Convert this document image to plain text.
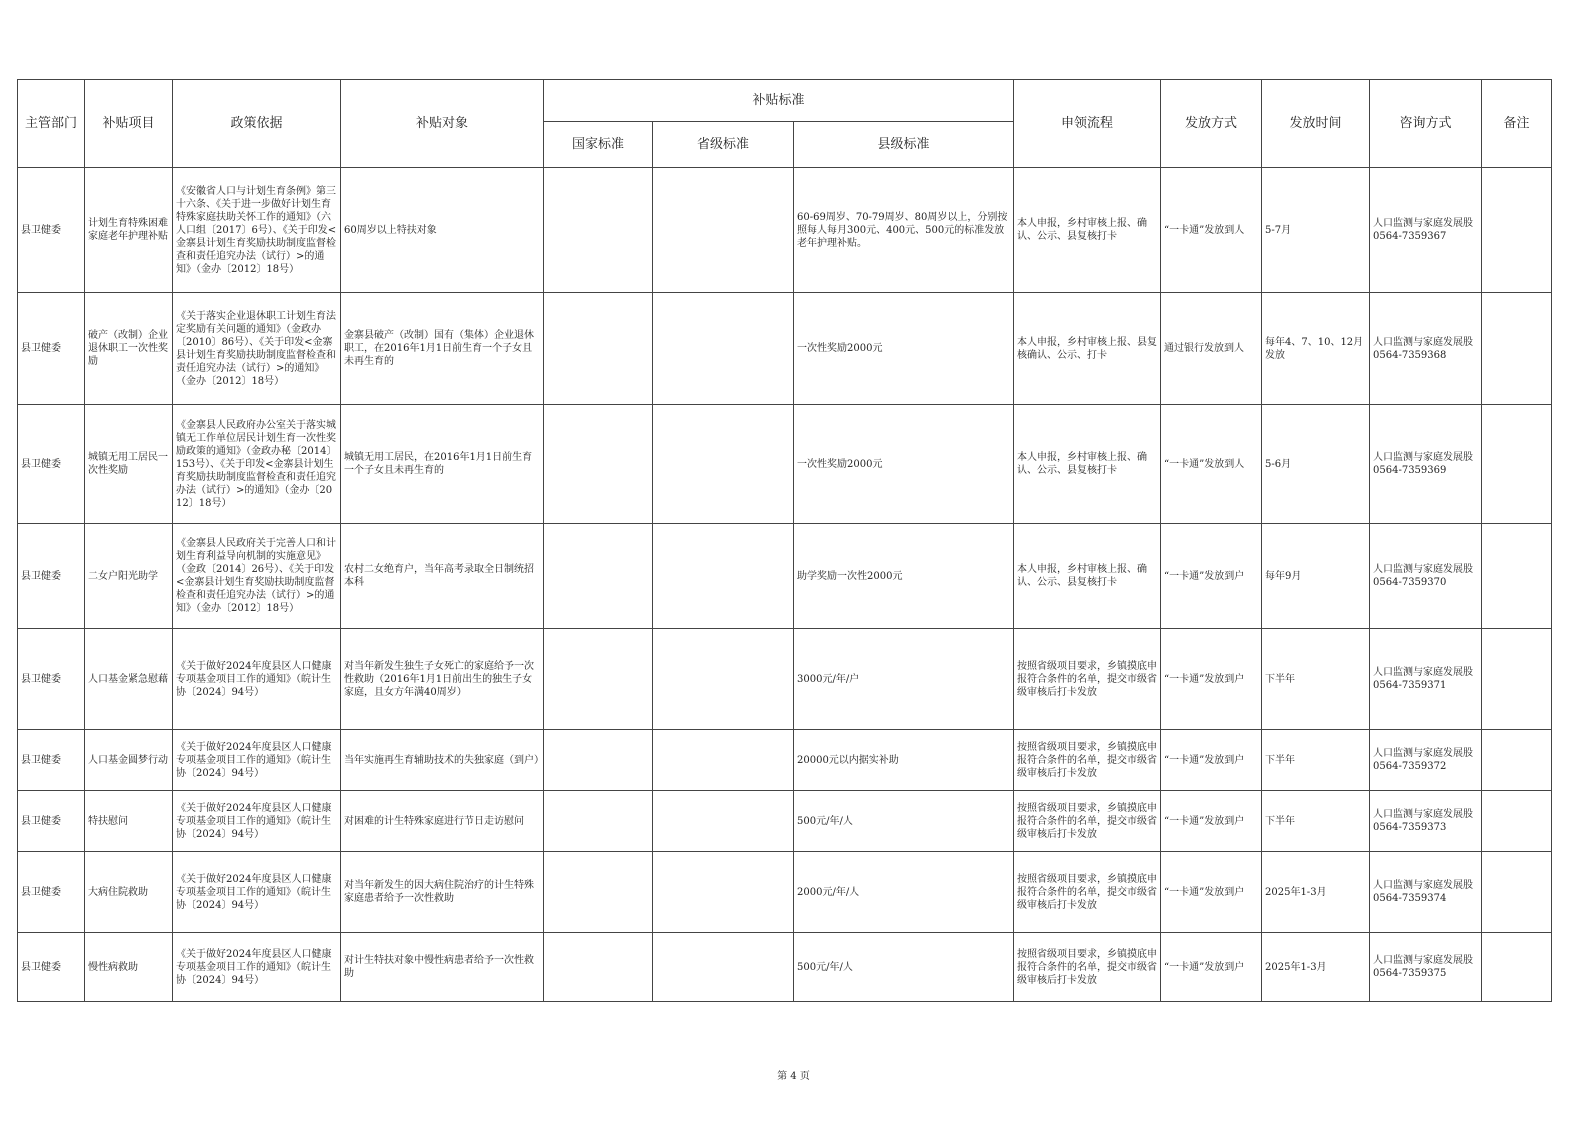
主管部门	补贴项目	政策依据	补贴对象	补贴标准			申领流程	发放方式	发放时间	咨询方式	备注
				国家标准	省级标准	县级标准					
县卫健委	计划生育特殊困难家庭老年护理补贴	《安徽省人口与计划生育条例》第三十六条、《关于进一步做好计划生育特殊家庭扶助关怀工作的通知》（六人口组〔2017〕6号）、《关于印发<金寨县计划生育奖励扶助制度监督检查和责任追究办法（试行）>的通知》（金办〔2012〕18号）	60周岁以上特扶对象			60-69周岁、70-79周岁、80周岁以上，分别按照每人每月300元、400元、500元的标准发放老年护理补贴。	本人申报，乡村审核上报、确认、公示、县复核打卡	“一卡通”发放到人	5-7月	人口监测与家庭发展股
0564-7359367	
县卫健委	破产（改制）企业退休职工一次性奖励	《关于落实企业退休职工计划生育法定奖励有关问题的通知》（金政办〔2010〕86号）、《关于印发<金寨县计划生育奖励扶助制度监督检查和责任追究办法（试行）>的通知》（金办〔2012〕18号）	金寨县破产（改制）国有（集体）企业退休职工，在2016年1月1日前生育一个子女且未再生育的			一次性奖励2000元	本人申报，乡村审核上报、县复核确认、公示、打卡	通过银行发放到人	每年4、7、10、12月发放	人口监测与家庭发展股
0564-7359368	
县卫健委	城镇无用工居民一次性奖励	《金寨县人民政府办公室关于落实城镇无工作单位居民计划生育一次性奖励政策的通知》（金政办秘〔2014〕153号）、《关于印发<金寨县计划生育奖励扶助制度监督检查和责任追究办法（试行）>的通知》（金办〔2012〕18号）	城镇无用工居民，在2016年1月1日前生育一个子女且未再生育的			一次性奖励2000元	本人申报，乡村审核上报、确认、公示、县复核打卡	“一卡通”发放到人	5-6月	人口监测与家庭发展股
0564-7359369	
县卫健委	二女户阳光助学	《金寨县人民政府关于完善人口和计划生育利益导向机制的实施意见》（金政〔2014〕26号）、《关于印发<金寨县计划生育奖励扶助制度监督检查和责任追究办法（试行）>的通知》（金办〔2012〕18号）	农村二女绝育户，当年高考录取全日制统招本科			助学奖励一次性2000元	本人申报，乡村审核上报、确认、公示、县复核打卡	“一卡通”发放到户	每年9月	人口监测与家庭发展股
0564-7359370	
县卫健委	人口基金紧急慰藉	《关于做好2024年度县区人口健康专项基金项目工作的通知》（皖计生协〔2024〕94号）	对当年新发生独生子女死亡的家庭给予一次性救助（2016年1月1日前出生的独生子女家庭，且女方年满40周岁）			3000元/年/户	按照省级项目要求，乡镇摸底申报符合条件的名单，提交市级省级审核后打卡发放	“一卡通”发放到户	下半年	人口监测与家庭发展股
0564-7359371	
县卫健委	人口基金圆梦行动	《关于做好2024年度县区人口健康专项基金项目工作的通知》（皖计生协〔2024〕94号）	当年实施再生育辅助技术的失独家庭（到户）			20000元以内据实补助	按照省级项目要求，乡镇摸底申报符合条件的名单，提交市级省级审核后打卡发放	“一卡通”发放到户	下半年	人口监测与家庭发展股
0564-7359372	
县卫健委	特扶慰问	《关于做好2024年度县区人口健康专项基金项目工作的通知》（皖计生协〔2024〕94号）	对困难的计生特殊家庭进行节日走访慰问			500元/年/人	按照省级项目要求，乡镇摸底申报符合条件的名单，提交市级省级审核后打卡发放	“一卡通”发放到户	下半年	人口监测与家庭发展股
0564-7359373	
县卫健委	大病住院救助	《关于做好2024年度县区人口健康专项基金项目工作的通知》（皖计生协〔2024〕94号）	对当年新发生的因大病住院治疗的计生特殊家庭患者给予一次性救助			2000元/年/人	按照省级项目要求，乡镇摸底申报符合条件的名单，提交市级省级审核后打卡发放	“一卡通”发放到户	2025年1-3月	人口监测与家庭发展股
0564-7359374	
县卫健委	慢性病救助	《关于做好2024年度县区人口健康专项基金项目工作的通知》（皖计生协〔2024〕94号）	对计生特扶对象中慢性病患者给予一次性救助			500元/年/人	按照省级项目要求，乡镇摸底申报符合条件的名单，提交市级省级审核后打卡发放	“一卡通”发放到户	2025年1-3月	人口监测与家庭发展股
0564-7359375	
第 4 页
